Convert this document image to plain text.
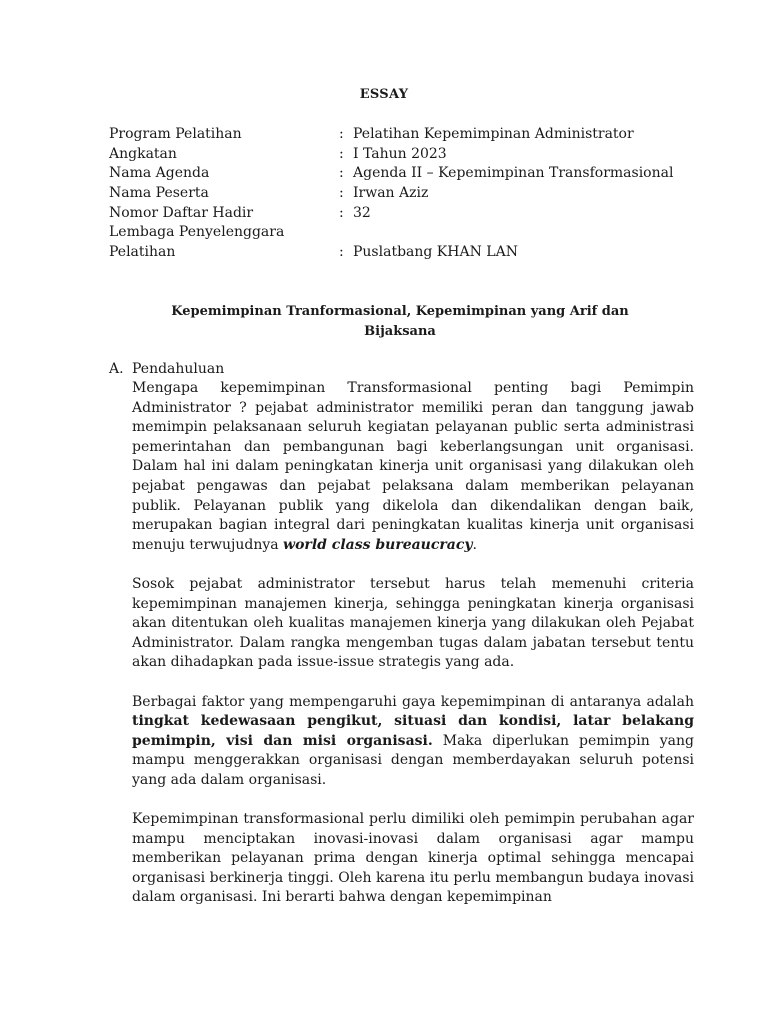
ESSAY
Program Pelatihan	: Pelatihan Kepemimpinan Administrator
Angkatan	: I Tahun 2023
Nama Agenda	: Agenda II – Kepemimpinan Transformasional
Nama Peserta	: Irwan Aziz
Nomor Daftar Hadir	: 32
Lembaga Penyelenggara
Pelatihan	: Puslatbang KHAN LAN
Kepemimpinan Tranformasional, Kepemimpinan yang Arif dan
Bijaksana
A. Pendahuluan

Mengapa kepemimpinan Transformasional penting bagi Pemimpin Administrator ? pejabat administrator memiliki peran dan tanggung jawab memimpin pelaksanaan seluruh kegiatan pelayanan public serta administrasi pemerintahan dan pembangunan bagi keberlangsungan unit organisasi. Dalam hal ini dalam peningkatan kinerja unit organisasi yang dilakukan oleh pejabat pengawas dan pejabat pelaksana dalam memberikan pelayanan publik. Pelayanan publik yang dikelola dan dikendalikan dengan baik, merupakan bagian integral dari peningkatan kualitas kinerja unit organisasi menuju terwujudnya world class bureaucracy.

Sosok pejabat administrator tersebut harus telah memenuhi criteria kepemimpinan manajemen kinerja, sehingga peningkatan kinerja organisasi akan ditentukan oleh kualitas manajemen kinerja yang dilakukan oleh Pejabat Administrator. Dalam rangka mengemban tugas dalam jabatan tersebut tentu akan dihadapkan pada issue-issue strategis yang ada.

Berbagai faktor yang mempengaruhi gaya kepemimpinan di antaranya adalah tingkat kedewasaan pengikut, situasi dan kondisi, latar belakang pemimpin, visi dan misi organisasi. Maka diperlukan pemimpin yang mampu menggerakkan organisasi dengan memberdayakan seluruh potensi yang ada dalam organisasi.

Kepemimpinan transformasional perlu dimiliki oleh pemimpin perubahan agar mampu menciptakan inovasi-inovasi dalam organisasi agar mampu memberikan pelayanan prima dengan kinerja optimal sehingga mencapai organisasi berkinerja tinggi. Oleh karena itu perlu membangun budaya inovasi dalam organisasi. Ini berarti bahwa dengan kepemimpinan
